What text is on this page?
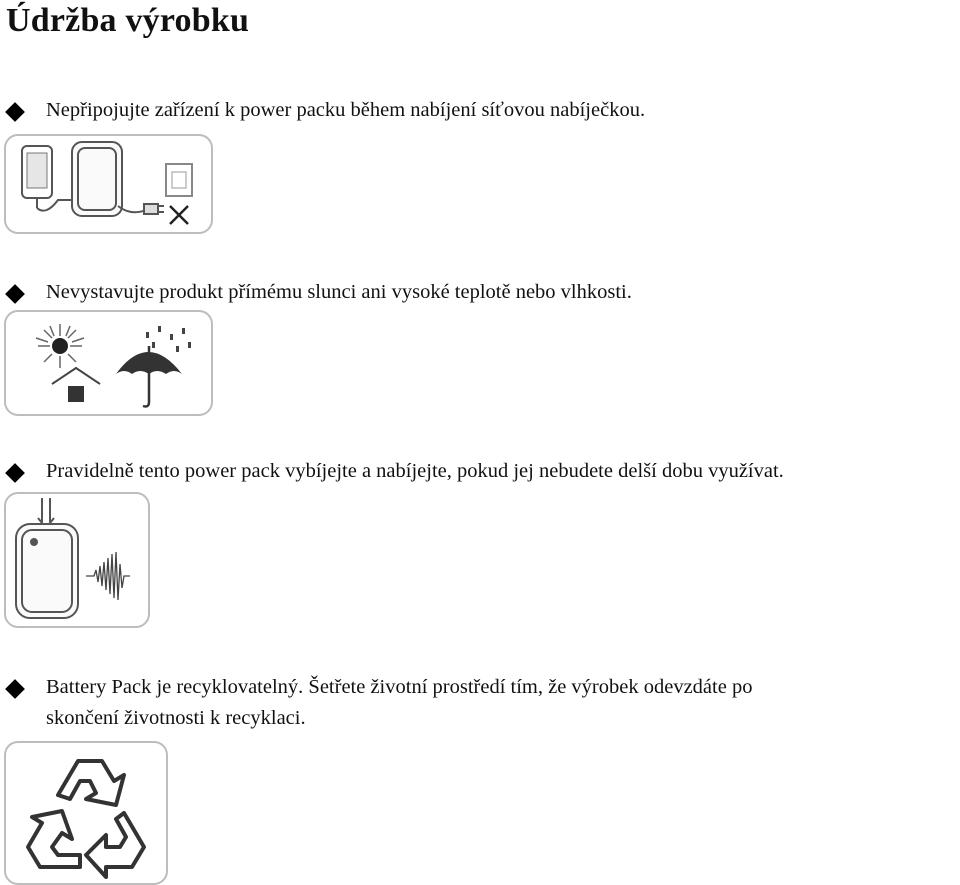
Údržba výrobku
Nepřipojujte zařízení k power packu během nabíjení síťovou nabíječkou.
Nevystavujte produkt přímému slunci ani vysoké teplotě nebo vlhkosti.
Pravidelně tento power pack vybíjejte a nabíjejte, pokud jej nebudete delší dobu využívat.
Battery Pack je recyklovatelný. Šetřete životní prostředí tím, že výrobek odevzdáte po
skončení životnosti k recyklaci.
